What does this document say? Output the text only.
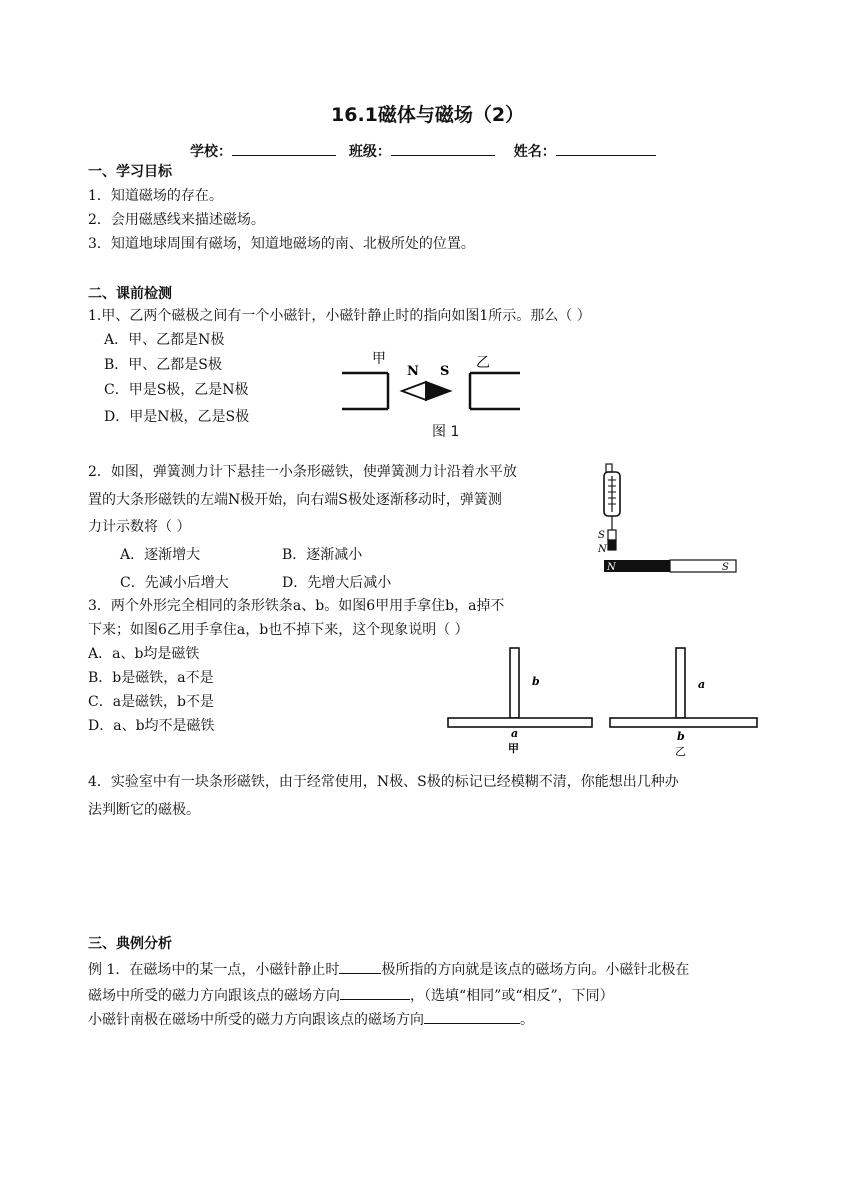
16.1磁体与磁场（2）
学校：	班级：	姓名：
一、学习目标
1．知道磁场的存在。
2．会用磁感线来描述磁场。
3．知道地球周围有磁场，知道地磁场的南、北极所处的位置。
二、课前检测
1.甲、乙两个磁极之间有一个小磁针，小磁针静止时的指向如图1所示。那么（ ）
A．甲、乙都是N极
B．甲、乙都是S极
C．甲是S极，乙是N极
D．甲是N极，乙是S极
甲
N S
乙
图 1
2．如图，弹簧测力计下悬挂一小条形磁铁，使弹簧测力计沿着水平放
置的大条形磁铁的左端N极开始，向右端S极处逐渐移动时，弹簧测
力计示数将（ ）
A．逐渐增大	B．逐渐减小
C．先减小后增大	D．先增大后减小
S
N
N	S
3．两个外形完全相同的条形铁条a、b。如图6甲用手拿住b，a掉不
下来；如图6乙用手拿住a，b也不掉下来，这个现象说明（ ）
A．a、b均是磁铁
B．b是磁铁，a不是
C．a是磁铁，b不是
D．a、b均不是磁铁
b
a
甲
a
b
乙
4．实验室中有一块条形磁铁，由于经常使用，N极、S极的标记已经模糊不清，你能想出几种办
法判断它的磁极。
三、典例分析
例 1．在磁场中的某一点，小磁针静止时	极所指的方向就是该点的磁场方向。小磁针北极在
磁场中所受的磁力方向跟该点的磁场方向	，（选填“相同”或“相反”，下同）
小磁针南极在磁场中所受的磁力方向跟该点的磁场方向	。
